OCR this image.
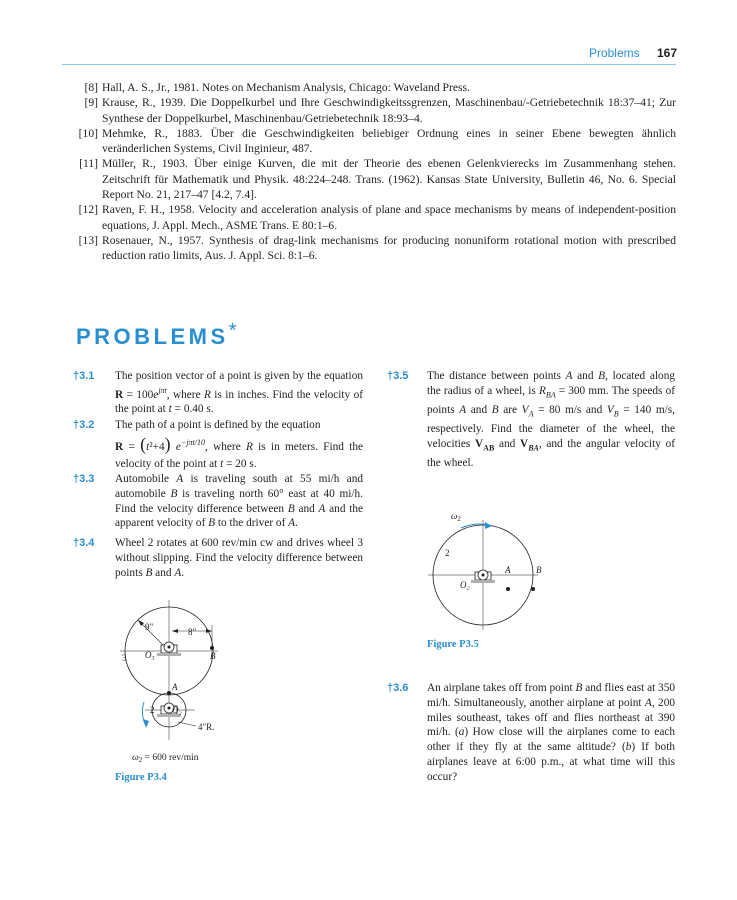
Problems 167
[8] Hall, A. S., Jr., 1981. Notes on Mechanism Analysis, Chicago: Waveland Press.
[9] Krause, R., 1939. Die Doppelkurbel und Ihre Geschwindigkeitssgrenzen, Maschinenbau/-Getriebetechnik 18:37–41; Zur Synthese der Doppelkurbel, Maschinenbau/Getriebetechnik 18:93–4.
[10] Mehmke, R., 1883. Über die Geschwindigkeiten beliebiger Ordnung eines in seiner Ebene bewegten ähnlich veränderlichen Systems, Civil Inginieur, 487.
[11] Müller, R., 1903. Über einige Kurven, die mit der Theorie des ebenen Gelenkvierecks im Zusammenhang stehen. Zeitschrift für Mathematik und Physik. 48:224–248. Trans. (1962). Kansas State University, Bulletin 46, No. 6. Special Report No. 21, 217–47 [4.2, 7.4].
[12] Raven, F. H., 1958. Velocity and acceleration analysis of plane and space mechanisms by means of independent-position equations, J. Appl. Mech., ASME Trans. E 80:1–6.
[13] Rosenauer, N., 1957. Synthesis of drag-link mechanisms for producing nonuniform rotational motion with prescribed reduction ratio limits, Aus. J. Appl. Sci. 8:1–6.
PROBLEMS*
†3.1 The position vector of a point is given by the equation $R = 100e^{j\pi t}$, where R is in inches. Find the velocity of the point at t = 0.40 s.
†3.2 The path of a point is defined by the equation
R = (t²+4) $e^{-j\pi t/10}$, where R is in meters. Find the velocity of the point at t = 20 s.
†3.3 Automobile A is traveling south at 55 mi/h and automobile B is traveling north 60° east at 40 mi/h. Find the velocity difference between B and A and the apparent velocity of B to the driver of A.
†3.4 Wheel 2 rotates at 600 rev/min cw and drives wheel 3 without slipping. Find the velocity difference between points B and A.
†3.5 The distance between points A and B, located along the radius of a wheel, is $R_{BA} = 300$ mm. The speeds of points A and B are $V_A = 80$ m/s and $V_B = 140$ m/s, respectively. Find the diameter of the wheel, the velocities $V_{AB}$ and $V_{BA}$, and the angular velocity of the wheel.
†3.6 An airplane takes off from point B and flies east at 350 mi/h. Simultaneously, another airplane at point A, 200 miles southeast, takes off and flies northeast at 390 mi/h. (a) How close will the airplanes come to each other if they fly at the same altitude? (b) If both airplanes leave at 6:00 p.m., at what time will this occur?
9"	8"
3 O₃	B
A
2 O₂
4"R.
$\omega_2 = 600$ rev/min
Figure P3.4
$\omega_2$
2
O₂
A	B
Figure P3.5
